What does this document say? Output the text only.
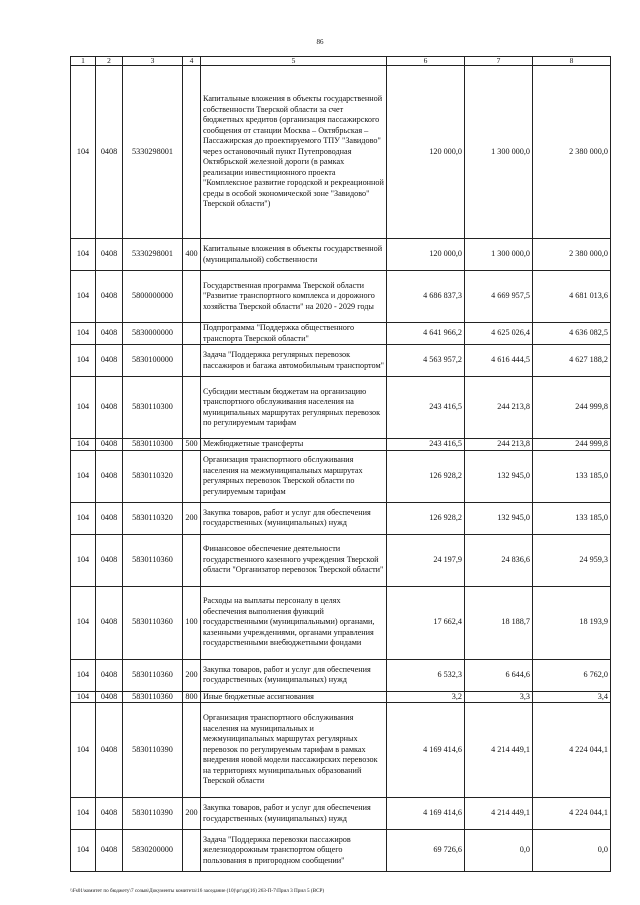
86
1	2	3	4	5	6	7	8
104	0408	5330298001		Капитальные вложения в объекты государственной собственности Тверской области за счет бюджетных кредитов (организация пассажирского сообщения от станции Москва – Октябрьская – Пассажирская до проектируемого ТПУ "Завидово" через остановочный пункт Путепроводная Октябрьской железной дороги (в рамках реализации инвестиционного проекта "Комплексное развитие городской и рекреационной среды в особой экономической зоне "Завидово" Тверской области")	120 000,0	1 300 000,0	2 380 000,0
104	0408	5330298001	400	Капитальные вложения в объекты государственной (муниципальной) собственности	120 000,0	1 300 000,0	2 380 000,0
104	0408	5800000000		Государственная программа Тверской области "Развитие транспортного комплекса и дорожного хозяйства Тверской области" на 2020 - 2029 годы	4 686 837,3	4 669 957,5	4 681 013,6
104	0408	5830000000		Подпрограмма "Поддержка общественного транспорта Тверской области"	4 641 966,2	4 625 026,4	4 636 082,5
104	0408	5830100000		Задача "Поддержка регулярных перевозок пассажиров и багажа автомобильным транспортом"	4 563 957,2	4 616 444,5	4 627 188,2
104	0408	5830110300		Субсидии местным бюджетам на организацию транспортного обслуживания населения на муниципальных маршрутах регулярных перевозок по регулируемым тарифам	243 416,5	244 213,8	244 999,8
104	0408	5830110300	500	Межбюджетные трансферты	243 416,5	244 213,8	244 999,8
104	0408	5830110320		Организация транспортного обслуживания населения на межмуниципальных маршрутах регулярных перевозок Тверской области по регулируемым тарифам	126 928,2	132 945,0	133 185,0
104	0408	5830110320	200	Закупка товаров, работ и услуг для обеспечения государственных (муниципальных) нужд	126 928,2	132 945,0	133 185,0
104	0408	5830110360		Финансовое обеспечение деятельности государственного казенного учреждения Тверской области "Организатор перевозок Тверской области"	24 197,9	24 836,6	24 959,3
104	0408	5830110360	100	Расходы на выплаты персоналу в целях обеспечения выполнения функций государственными (муниципальными) органами, казенными учреждениями, органами управления государственными внебюджетными фондами	17 662,4	18 188,7	18 193,9
104	0408	5830110360	200	Закупка товаров, работ и услуг для обеспечения государственных (муниципальных) нужд	6 532,3	6 644,6	6 762,0
104	0408	5830110360	800	Иные бюджетные ассигнования	3,2	3,3	3,4
104	0408	5830110390		Организация транспортного обслуживания населения на муниципальных и межмуниципальных маршрутах регулярных перевозок по регулируемым тарифам в рамках внедрения новой модели пассажирских перевозок на территориях муниципальных образований Тверской области	4 169 414,6	4 214 449,1	4 224 044,1
104	0408	5830110390	200	Закупка товаров, работ и услуг для обеспечения государственных (муниципальных) нужд	4 169 414,6	4 214 449,1	4 224 044,1
104	0408	5830200000		Задача "Поддержка перевозки пассажиров железнодорожным транспортом общего пользования в пригородном сообщении"	69 726,6	0,0	0,0
\\Fs01\комитет по бюджету\7 созыв\Документы комитета\16 заседание (10)\рг\др(16) 263-П-7\Прил 3 Прил 5 (ВСР)
